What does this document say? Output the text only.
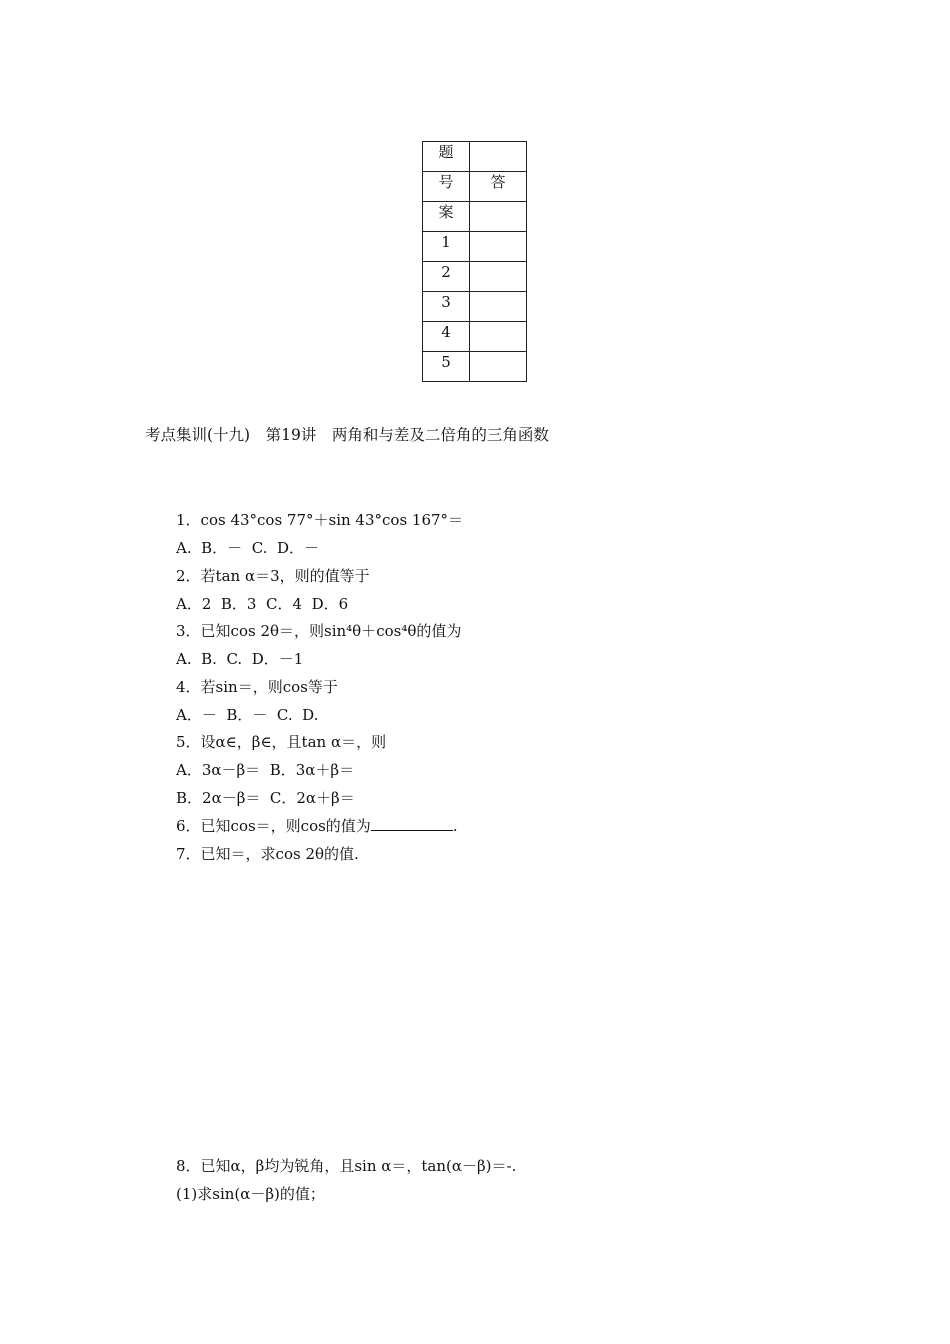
题	
号	答
案	
1	
2	
3	
4	
5	
考点集训(十九)　第19讲　两角和与差及二倍角的三角函数
1．cos 43°cos 77°＋sin 43°cos 167°＝
A.  B．－  C.  D．－
2．若tan α＝3，则的值等于
A．2  B．3  C．4  D．6
3．已知cos 2θ＝，则sin⁴θ＋cos⁴θ的值为
A.  B.  C.  D．－1
4．若sin＝，则cos等于
A．－  B．－  C.  D.
5．设α∈，β∈，且tan α＝，则
A．3α－β＝  B．3α＋β＝
B．2α－β＝  C．2α＋β＝
6．已知cos＝，则cos的值为	.
7．已知＝，求cos 2θ的值.
8．已知α，β均为锐角，且sin α＝，tan(α－β)＝-.
(1)求sin(α－β)的值；
